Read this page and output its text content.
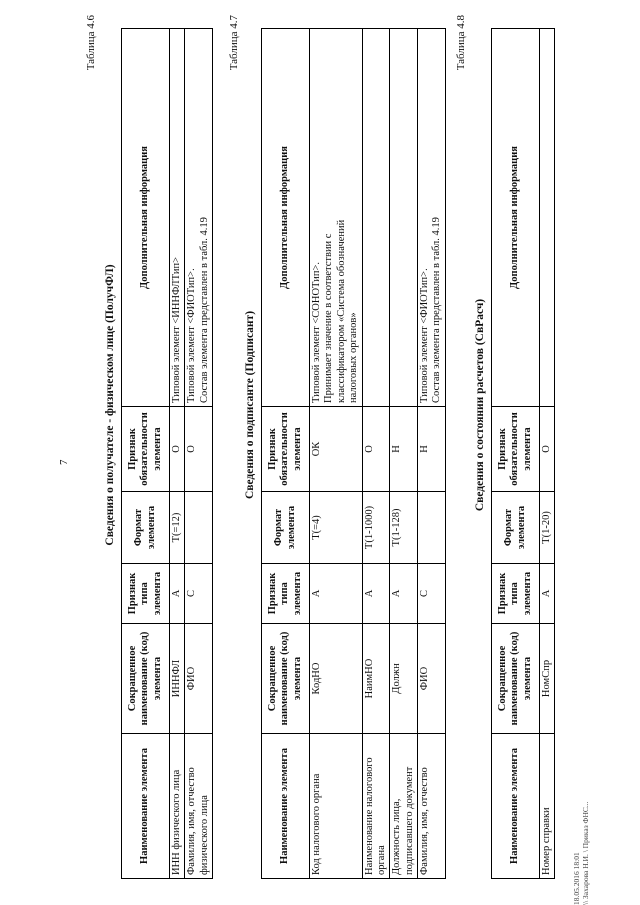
7
Таблица 4.6
Сведения о получателе - физическом лице (ПолучФЛ)
Наименование элемента	Сокращенное наименование (код) элемента	Признак типа элемента	Формат элемента	Признак обязательности элемента	Дополнительная информация
ИНН физического лица	ИННФЛ	А	Т(=12)	О	Типовой элемент <ИННФЛТип>

Фамилия, имя, отчество физического лица	ФИО	С		О	Типовой элемент <ФИОТип>. Состав элемента представлен в табл. 4.19
Таблица 4.7
Сведения о подписанте (Подписант)
Наименование элемента	Сокращенное наименование (код) элемента	Признак типа элемента	Формат элемента	Признак обязательности элемента	Дополнительная информация
Код налогового органа	КодНО	А	Т(=4)	ОК	Типовой элемент <СОНОТип>. Принимает значение в соответствии с классификатором «Система обозначений налоговых органов»

Наименование налогового органа	НаимНО	А	Т(1-1000)	О	
Должность лица, подписавшего документ	Должн	А	Т(1-128)	Н	
Фамилия, имя, отчество	ФИО	С		Н	Типовой элемент <ФИОТип>. Состав элемента представлен в табл. 4.19
Таблица 4.8
Сведения о состоянии расчетов (СвРасч)
Наименование элемента	Сокращенное наименование (код) элемента	Признак типа элемента	Формат элемента	Признак обязательности элемента	Дополнительная информация
Номер справки	НомСпр	А	Т(1-20)	О	
18.05.2016 18:01 \\ Захарова Н.И. \ Приказ ФНС...
